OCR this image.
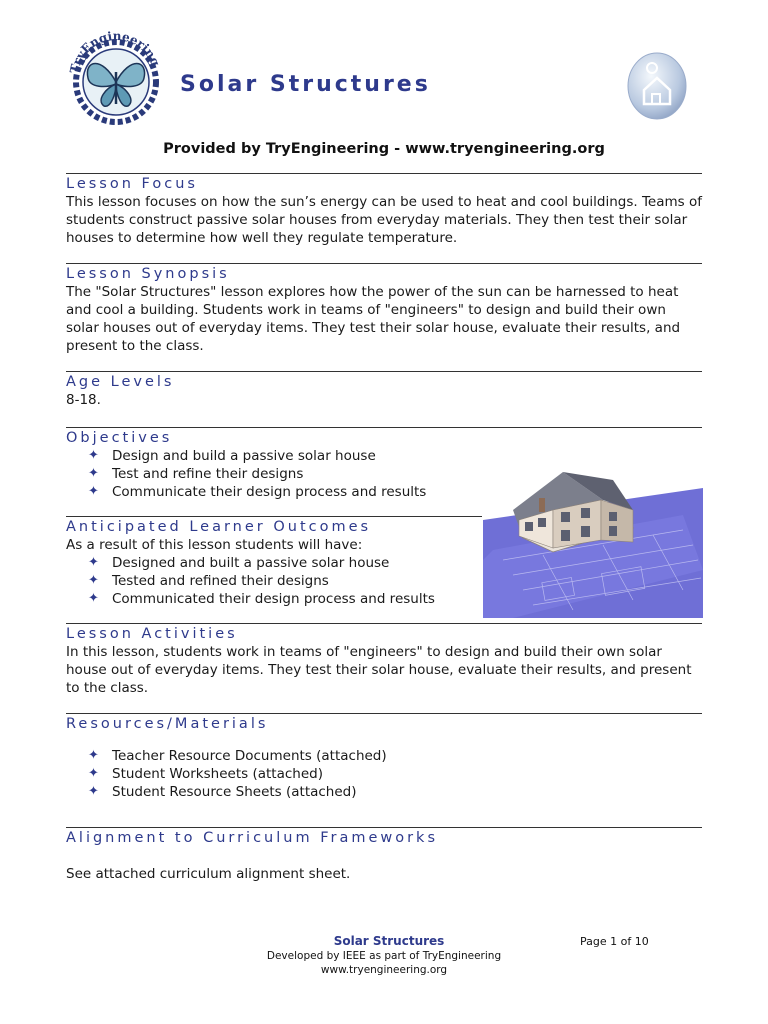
TryEngineering
Solar Structures
Provided by TryEngineering - www.tryengineering.org
Lesson Focus
This lesson focuses on how the sun’s energy can be used to heat and cool buildings. Teams of students construct passive solar houses from everyday materials. They then test their solar houses to determine how well they regulate temperature.
Lesson Synopsis
The "Solar Structures" lesson explores how the power of the sun can be harnessed to heat and cool a building. Students work in teams of "engineers" to design and build their own solar houses out of everyday items. They test their solar house, evaluate their results, and present to the class.
Age Levels
8-18.
Objectives
✦ Design and build a passive solar house
✦ Test and refine their designs
✦ Communicate their design process and results
Anticipated Learner Outcomes
As a result of this lesson students will have:
✦ Designed and built a passive solar house
✦ Tested and refined their designs
✦ Communicated their design process and results
Lesson Activities
In this lesson, students work in teams of "engineers" to design and build their own solar house out of everyday items. They test their solar house, evaluate their results, and present to the class.
Resources/Materials
✦ Teacher Resource Documents (attached)
✦ Student Worksheets (attached)
✦ Student Resource Sheets (attached)
Alignment to Curriculum Frameworks
See attached curriculum alignment sheet.
Solar Structures
Developed by IEEE as part of TryEngineering
www.tryengineering.org
Page 1 of 10
